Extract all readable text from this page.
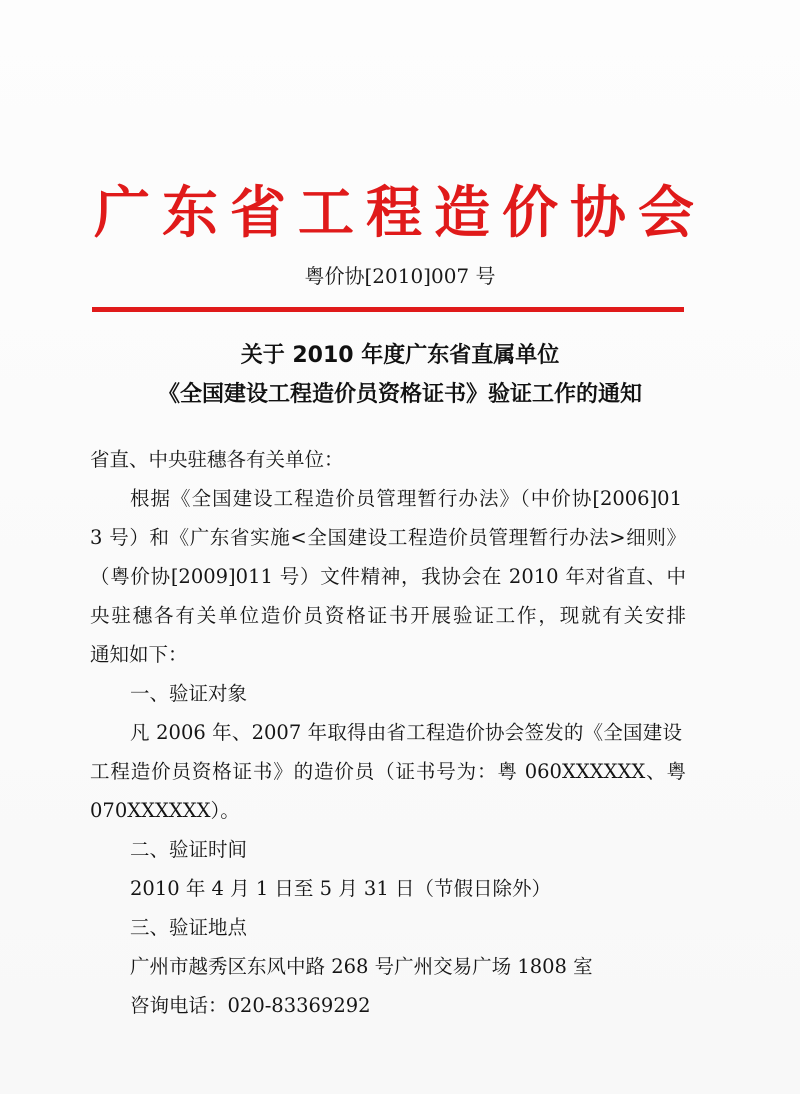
广东省工程造价协会
粤价协[2010]007 号
关于 2010 年度广东省直属单位
《全国建设工程造价员资格证书》验证工作的通知
省直、中央驻穗各有关单位：
根据《全国建设工程造价员管理暂行办法》（中价协[2006]01
3 号）和《广东省实施<全国建设工程造价员管理暂行办法>细则》
（粤价协[2009]011 号）文件精神，我协会在 2010 年对省直、中
央驻穗各有关单位造价员资格证书开展验证工作，现就有关安排
通知如下：
一、验证对象
凡 2006 年、2007 年取得由省工程造价协会签发的《全国建设
工程造价员资格证书》的造价员（证书号为：粤 060XXXXXX、粤
070XXXXXX）。
二、验证时间
2010 年 4 月 1 日至 5 月 31 日（节假日除外）
三、验证地点
广州市越秀区东风中路 268 号广州交易广场 1808 室
咨询电话：020-83369292
